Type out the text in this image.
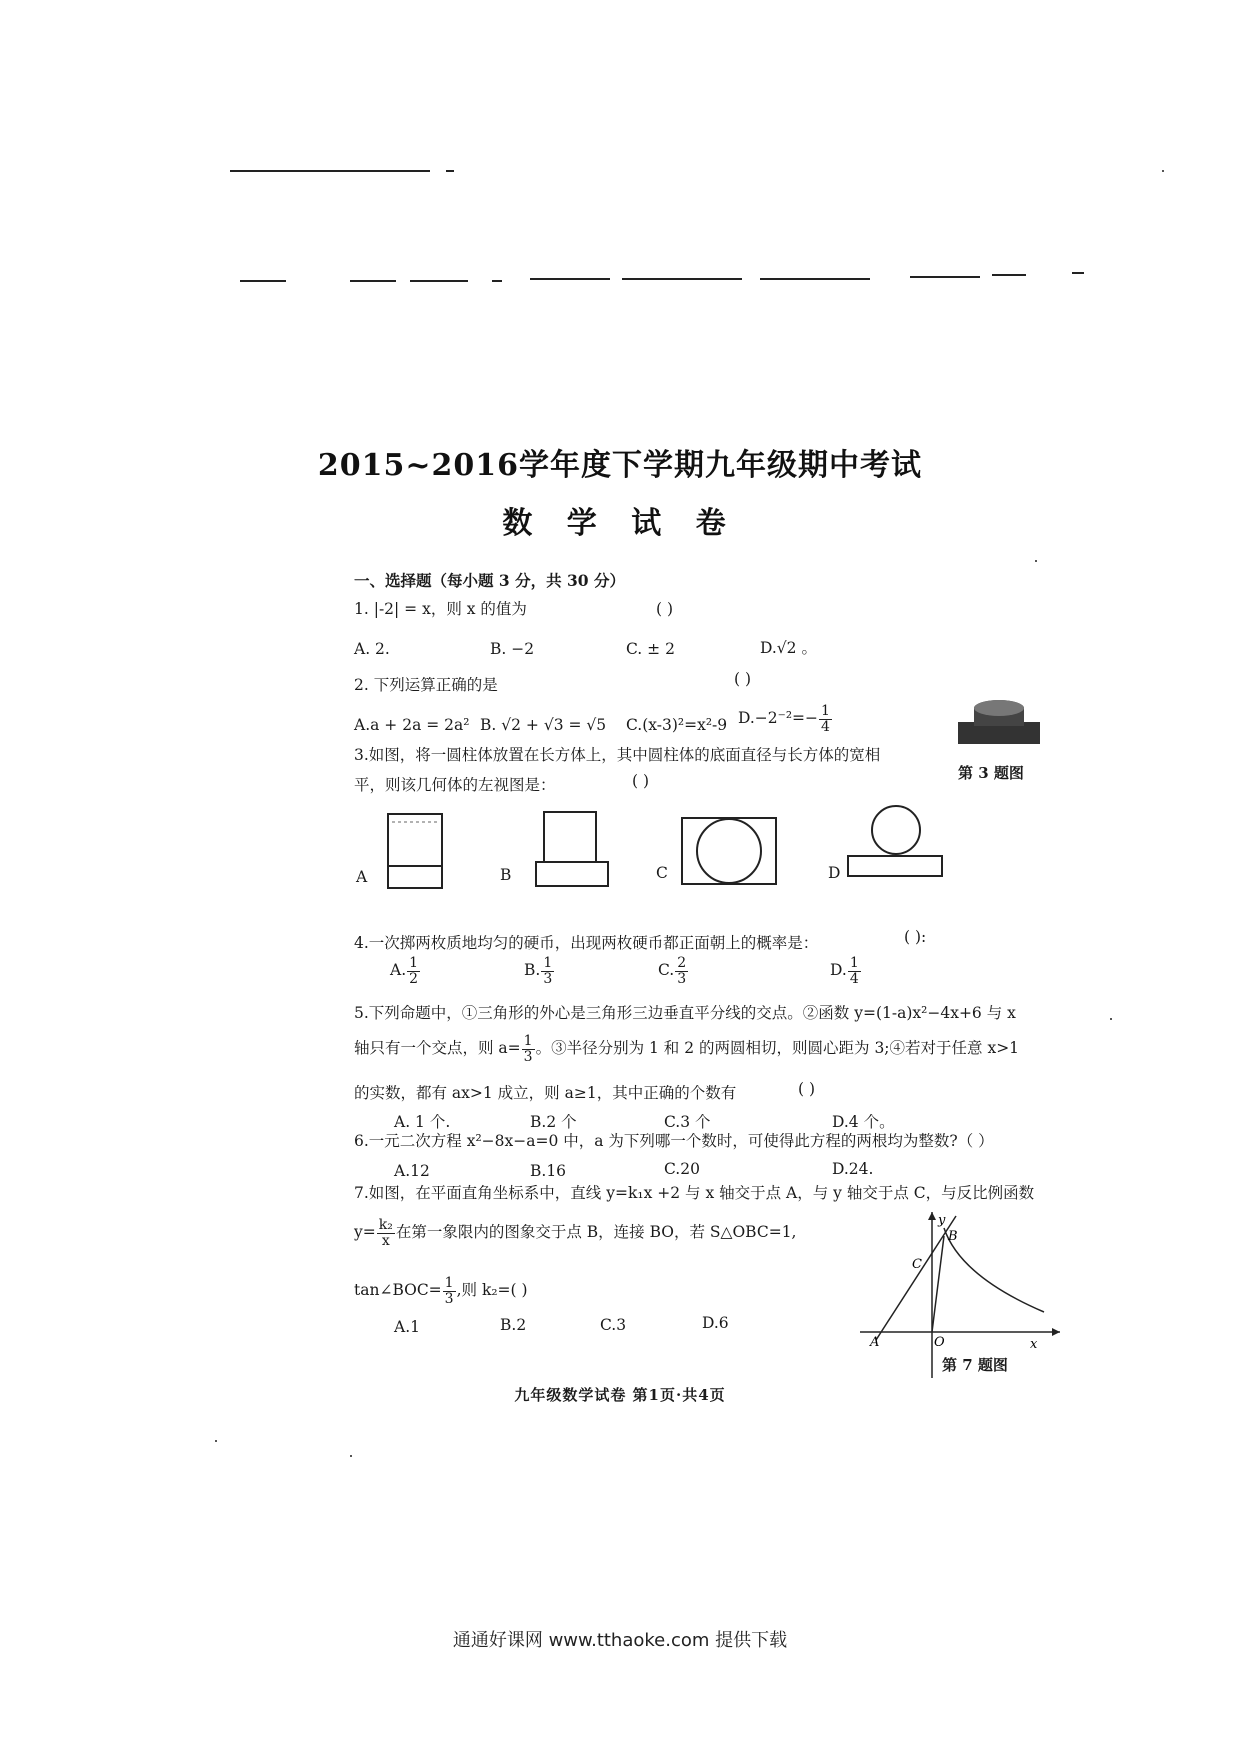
2015~2016学年度下学期九年级期中考试
数 学 试 卷
一、选择题（每小题 3 分，共 30 分）
1. |-2| = x，则 x 的值为	( )
A. 2.	B. −2	C. ± 2	D.√2 。
2. 下列运算正确的是	( )
A.a + 2a = 2a² B. √2 + √3 = √5 C.(x-3)²=x²-9 $D.-2^{-2}=- \frac{1}{4}$
第 3 题图
3.如图，将一圆柱体放置在长方体上，其中圆柱体的底面直径与长方体的宽相
平，则该几何体的左视图是：	( )
A	B	C	D
4.一次掷两枚质地均匀的硬币，出现两枚硬币都正面朝上的概率是：	( ):
A. $\frac{1}{2}$	B. $\frac{1}{3}$	C. $\frac{2}{3}$	D. $\frac{1}{4}$
5.下列命题中，①三角形的外心是三角形三边垂直平分线的交点。②函数 y=(1-a)x²−4x+6 与 x
轴只有一个交点，则 $a= \frac{1}{3}$ 。③半径分别为 1 和 2 的两圆相切，则圆心距为 3;④若对于任意 x>1
的实数，都有 ax>1 成立，则 a≥1，其中正确的个数有	( )
A. 1 个.	B.2 个	C.3 个	D.4 个。
6.一元二次方程 x²−8x−a=0 中，a 为下列哪一个数时，可使得此方程的两根均为整数?（ ）
A.12	B.16	C.20	D.24.
7.如图，在平面直角坐标系中，直线 y=k₁x +2 与 x 轴交于点 A，与 y 轴交于点 C，与反比例函数
$y= \frac{\text{k₂}}{x}$ 在第一象限内的图象交于点 B，连接 BO，若 S△OBC=1,
tan∠BOC= $\frac{1}{3}$ ,则 k₂=( )
A.1	B.2	C.3	D.6
y
B
C
A	O	x
第 7 题图
九年级数学试卷 第1页·共4页
通通好课网 www.tthaoke.com 提供下载
